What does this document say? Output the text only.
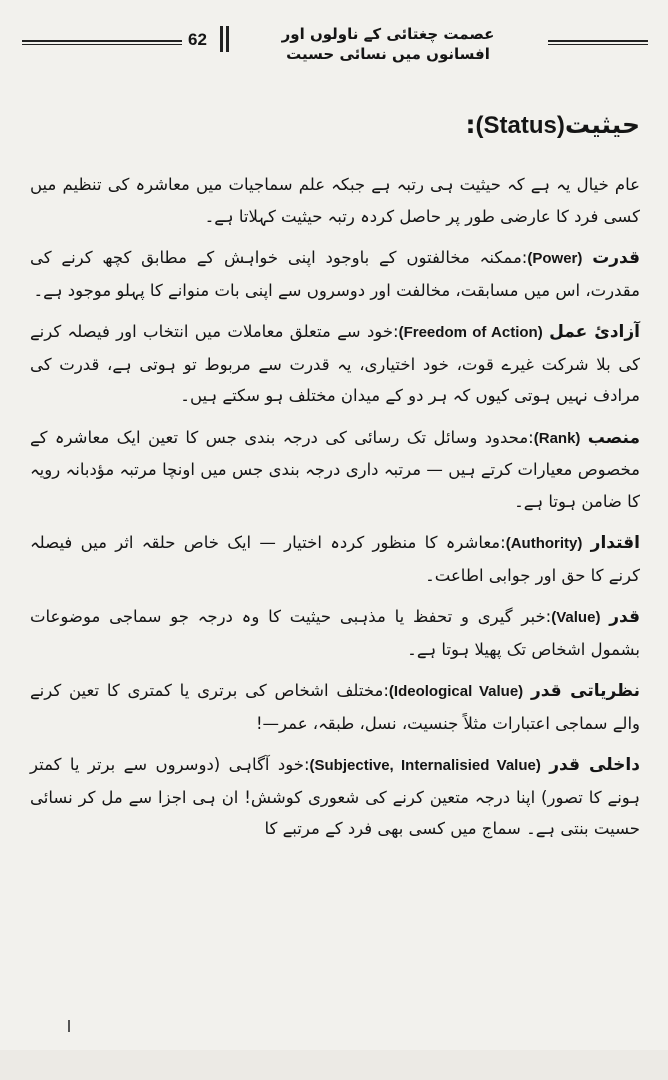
62	عصمت چغتائی کے ناولوں اور
افسانوں میں نسائی حسیت
حیثیت(Status):

عام خیال یہ ہے کہ حیثیت ہی رتبہ ہے جبکہ علم سماجیات میں معاشرہ کی تنظیم میں کسی فرد کا عارضی طور پر حاصل کردہ رتبہ حیثیت کہلاتا ہے۔

قدرت (Power):ممکنہ مخالفتوں کے باوجود اپنی خواہش کے مطابق کچھ کرنے کی مقدرت، اس میں مسابقت، مخالفت اور دوسروں سے اپنی بات منوانے کا پہلو موجود ہے۔

آزادیٔ عمل (Freedom of Action):خود سے متعلق معاملات میں انتخاب اور فیصلہ کرنے کی بلا شرکت غیرے قوت، خود اختیاری، یہ قدرت سے مربوط تو ہوتی ہے، قدرت کی مرادف نہیں ہوتی کیوں کہ ہر دو کے میدان مختلف ہو سکتے ہیں۔

منصب (Rank):محدود وسائل تک رسائی کی درجہ بندی جس کا تعین ایک معاشرہ کے مخصوص معیارات کرتے ہیں — مرتبہ داری درجہ بندی جس میں اونچا مرتبہ مؤدبانہ رویہ کا ضامن ہوتا ہے۔

اقتدار (Authority):معاشرہ کا منظور کردہ اختیار — ایک خاص حلقہ اثر میں فیصلہ کرنے کا حق اور جوابی اطاعت۔

قدر (Value):خبر گیری و تحفظ یا مذہبی حیثیت کا وہ درجہ جو سماجی موضوعات بشمول اشخاص تک پھیلا ہوتا ہے۔

نظریاتی قدر (Ideological Value):مختلف اشخاص کی برتری یا کمتری کا تعین کرنے والے سماجی اعتبارات مثلاً جنسیت، نسل، طبقہ، عمر—!

داخلی قدر (Subjective, Internalisied Value):خود آگاہی (دوسروں سے برتر یا کمتر ہونے کا تصور) اپنا درجہ متعین کرنے کی شعوری کوشش! ان ہی اجزا سے مل کر نسائی حسیت بنتی ہے۔ سماج میں کسی بھی فرد کے مرتبے کا
